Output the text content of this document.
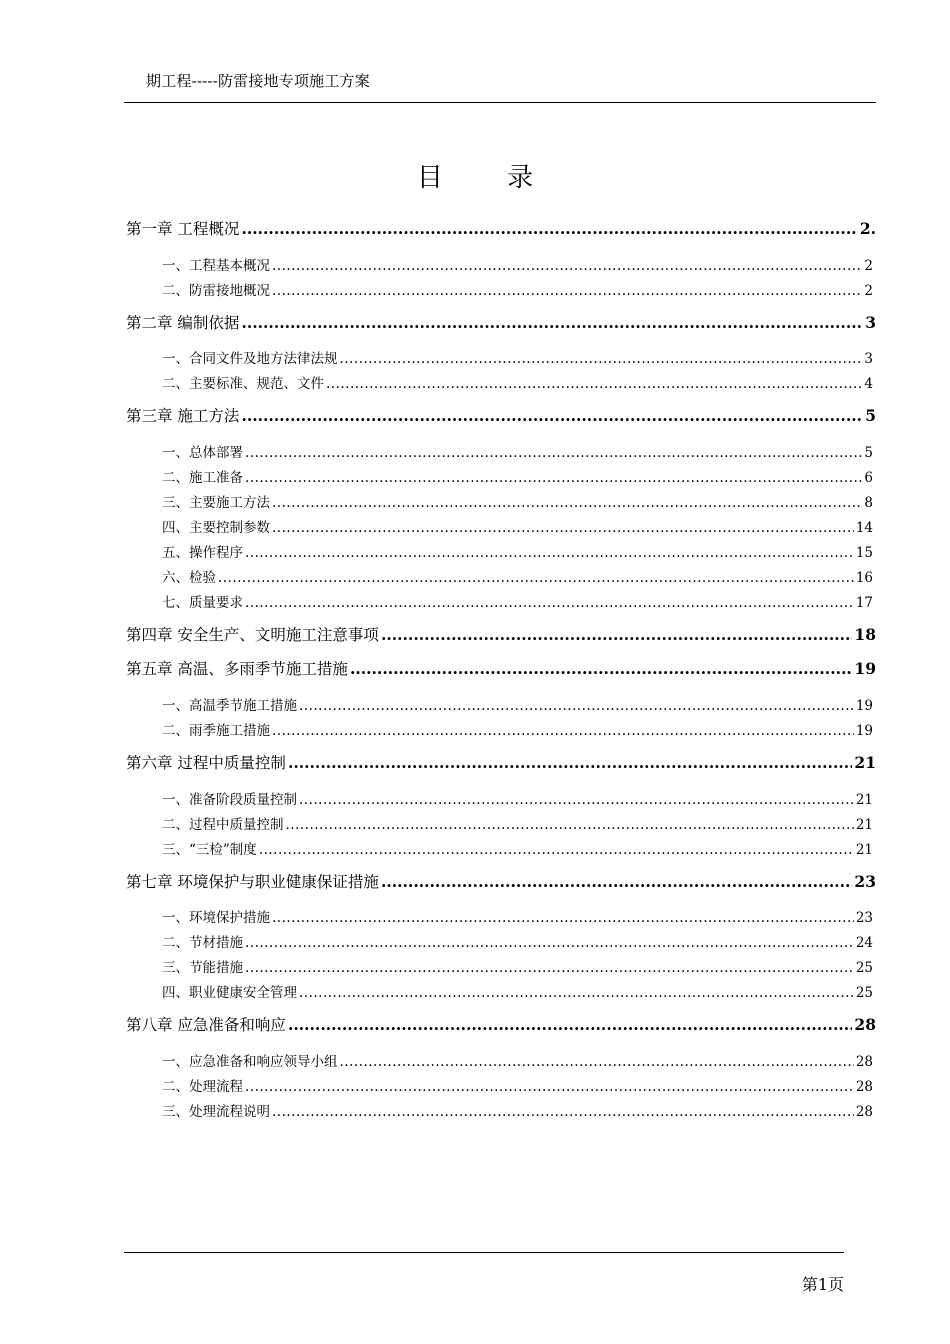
期工程-----防雷接地专项施工方案
目 录
第一章 工程概况 .....	2.
一、工程基本概况 .....	2
二、防雷接地概况 .....	2
第二章 编制依据 .....	3
一、合同文件及地方法律法规 .....	3
二、主要标准、规范、文件 .....	4
第三章 施工方法 .....	5
一、总体部署 .....	5
二、施工准备 .....	6
三、主要施工方法 .....	8
四、主要控制参数 .....	14
五、操作程序 .....	15
六、检验 .....	16
七、质量要求 .....	17
第四章 安全生产、文明施工注意事项 .....	18
第五章 高温、多雨季节施工措施 .....	19
一、高温季节施工措施 .....	19
二、雨季施工措施 .....	19
第六章 过程中质量控制 .....	21
一、准备阶段质量控制 .....	21
二、过程中质量控制 .....	21
三、“三检”制度 .....	21
第七章 环境保护与职业健康保证措施 .....	23
一、环境保护措施 .....	23
二、节材措施 .....	24
三、节能措施 .....	25
四、职业健康安全管理 .....	25
第八章 应急准备和响应 .....	28
一、应急准备和响应领导小组 .....	28
二、处理流程 .....	28
三、处理流程说明 .....	28
第1页
